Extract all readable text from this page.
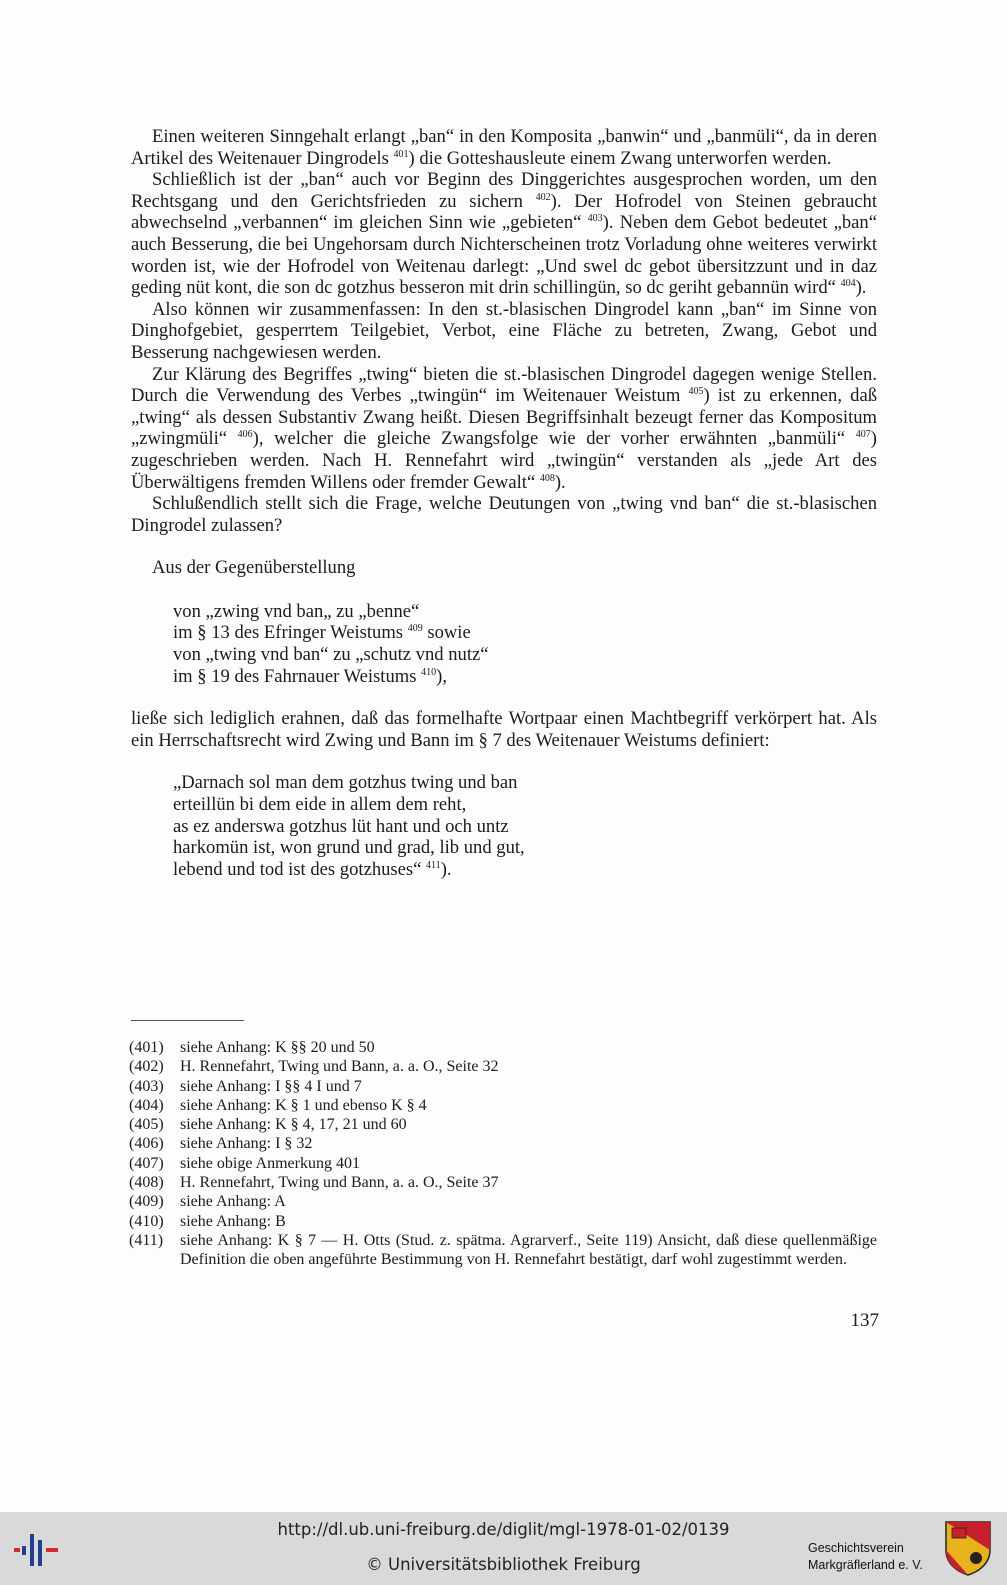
Einen weiteren Sinngehalt erlangt „ban“ in den Komposita „banwin“ und „banmüli“, da in deren Artikel des Weitenauer Dingrodels $^{401}$) die Gotteshausleute einem Zwang unterworfen werden.

Schließlich ist der „ban“ auch vor Beginn des Dinggerichtes ausgesprochen worden, um den Rechtsgang und den Gerichtsfrieden zu sichern $^{402}$). Der Hofrodel von Steinen gebraucht abwechselnd „verbannen“ im gleichen Sinn wie „gebieten“ $^{403}$). Neben dem Gebot bedeutet „ban“ auch Besserung, die bei Ungehorsam durch Nichterscheinen trotz Vorladung ohne weiteres verwirkt worden ist, wie der Hofrodel von Weitenau darlegt: „Und swel dc gebot übersitzzunt und in daz geding nüt kont, die son dc gotzhus besseron mit drin schillingün, so dc geriht gebannün wird“ $^{404}$).

Also können wir zusammenfassen: In den st.-blasischen Dingrodel kann „ban“ im Sinne von Dinghofgebiet, gesperrtem Teilgebiet, Verbot, eine Fläche zu betreten, Zwang, Gebot und Besserung nachgewiesen werden.

Zur Klärung des Begriffes „twing“ bieten die st.-blasischen Dingrodel dagegen wenige Stellen. Durch die Verwendung des Verbes „twingün“ im Weitenauer Weistum $^{405}$) ist zu erkennen, daß „twing“ als dessen Substantiv Zwang heißt. Diesen Begriffsinhalt bezeugt ferner das Kompositum „zwingmüli“ $^{406}$), welcher die gleiche Zwangsfolge wie der vorher erwähnten „banmüli“ $^{407}$) zugeschrieben werden. Nach H. Rennefahrt wird „twingün“ verstanden als „jede Art des Überwältigens fremden Willens oder fremder Gewalt“ $^{408}$).

Schlußendlich stellt sich die Frage, welche Deutungen von „twing vnd ban“ die st.-blasischen Dingrodel zulassen?

Aus der Gegenüberstellung

von „zwing vnd ban„ zu „benne“
im § 13 des Efringer Weistums $^{409}$ sowie
von „twing vnd ban“ zu „schutz vnd nutz“
im § 19 des Fahrnauer Weistums $^{410}$),

ließe sich lediglich erahnen, daß das formelhafte Wortpaar einen Machtbegriff verkörpert hat. Als ein Herrschaftsrecht wird Zwing und Bann im § 7 des Weitenauer Weistums definiert:

„Darnach sol man dem gotzhus twing und ban
erteillün bi dem eide in allem dem reht,
as ez anderswa gotzhus lüt hant und och untz
harkomün ist, won grund und grad, lib und gut,
lebend und tod ist des gotzhuses“ $^{411}$).
(401)	siehe Anhang: K §§ 20 und 50
(402)	H. Rennefahrt, Twing und Bann, a. a. O., Seite 32
(403)	siehe Anhang: I §§ 4 I und 7
(404)	siehe Anhang: K § 1 und ebenso K § 4
(405)	siehe Anhang: K § 4, 17, 21 und 60
(406)	siehe Anhang: I § 32
(407)	siehe obige Anmerkung 401
(408)	H. Rennefahrt, Twing und Bann, a. a. O., Seite 37
(409)	siehe Anhang: A
(410)	siehe Anhang: B
(411)	siehe Anhang: K § 7 — H. Otts (Stud. z. spätma. Agrarverf., Seite 119) Ansicht, daß diese quellenmäßige Definition die oben angeführte Bestimmung von H. Rennefahrt bestätigt, darf wohl zugestimmt werden.
137
http://dl.ub.uni-freiburg.de/diglit/mgl-1978-01-02/0139
© Universitätsbibliothek Freiburg
Geschichtsverein
Markgräflerland e. V.
